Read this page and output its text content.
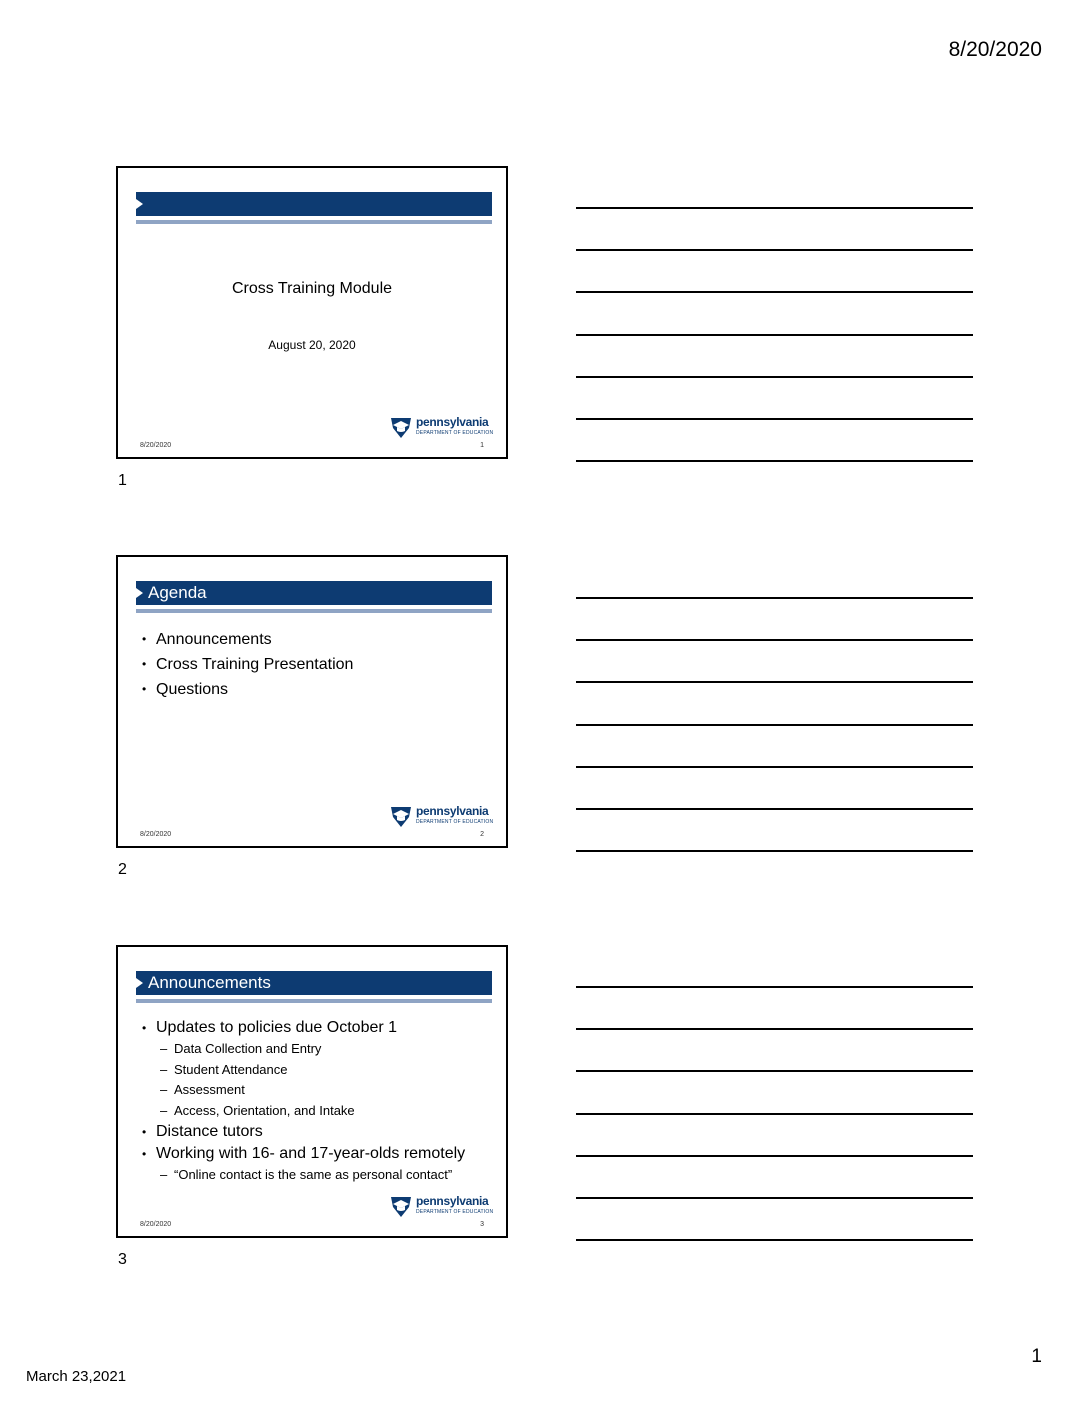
8/20/2020
Cross Training Module
August 20, 2020
pennsylvania
DEPARTMENT OF EDUCATION
8/20/2020	1
1
Agenda
• Announcements
• Cross Training Presentation
• Questions
pennsylvania
DEPARTMENT OF EDUCATION
8/20/2020	2
2
Announcements
• Updates to policies due October 1
– Data Collection and Entry
– Student Attendance
– Assessment
– Access, Orientation, and Intake
• Distance tutors
• Working with 16- and 17-year-olds remotely
– “Online contact is the same as personal contact”
pennsylvania
DEPARTMENT OF EDUCATION
8/20/2020	3
3
1
March 23,2021
